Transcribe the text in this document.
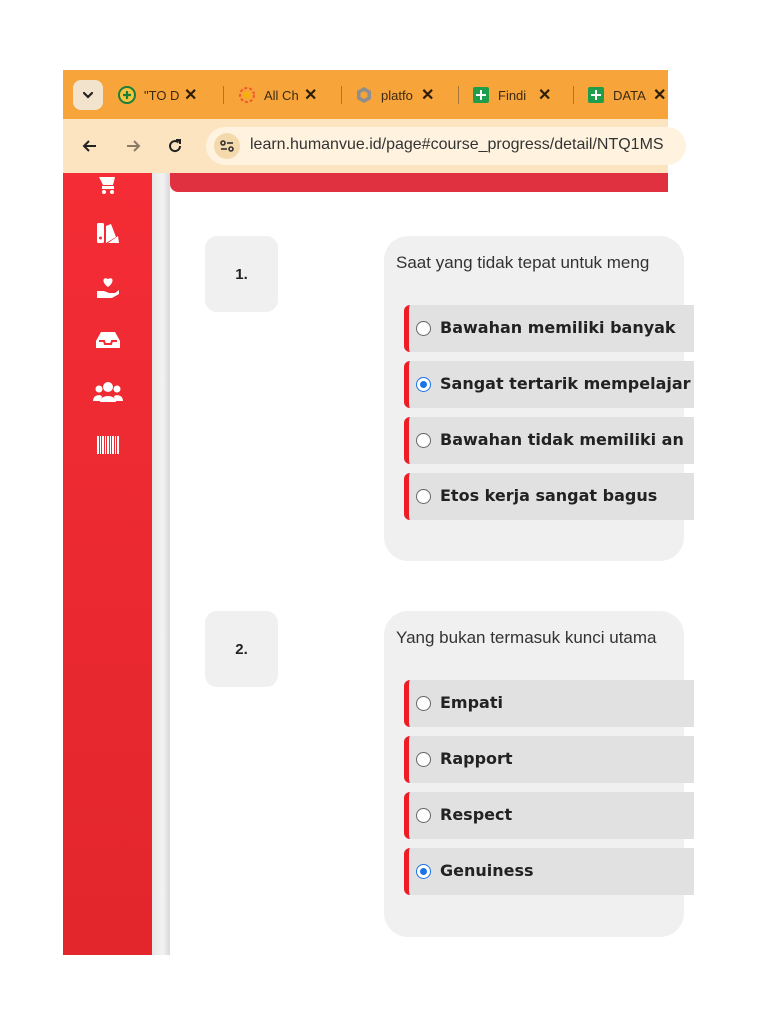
"TO D ✕	All Ch ✕	platfo ✕	Findi ✕	DATA ✕
learn.humanvue.id/page#course_progress/detail/NTQ1MS
1.
Saat yang tidak tepat untuk meng
Bawahan memiliki banyak
Sangat tertarik mempelajar
Bawahan tidak memiliki an
Etos kerja sangat bagus
2.
Yang bukan termasuk kunci utama
Empati
Rapport
Respect
Genuiness
